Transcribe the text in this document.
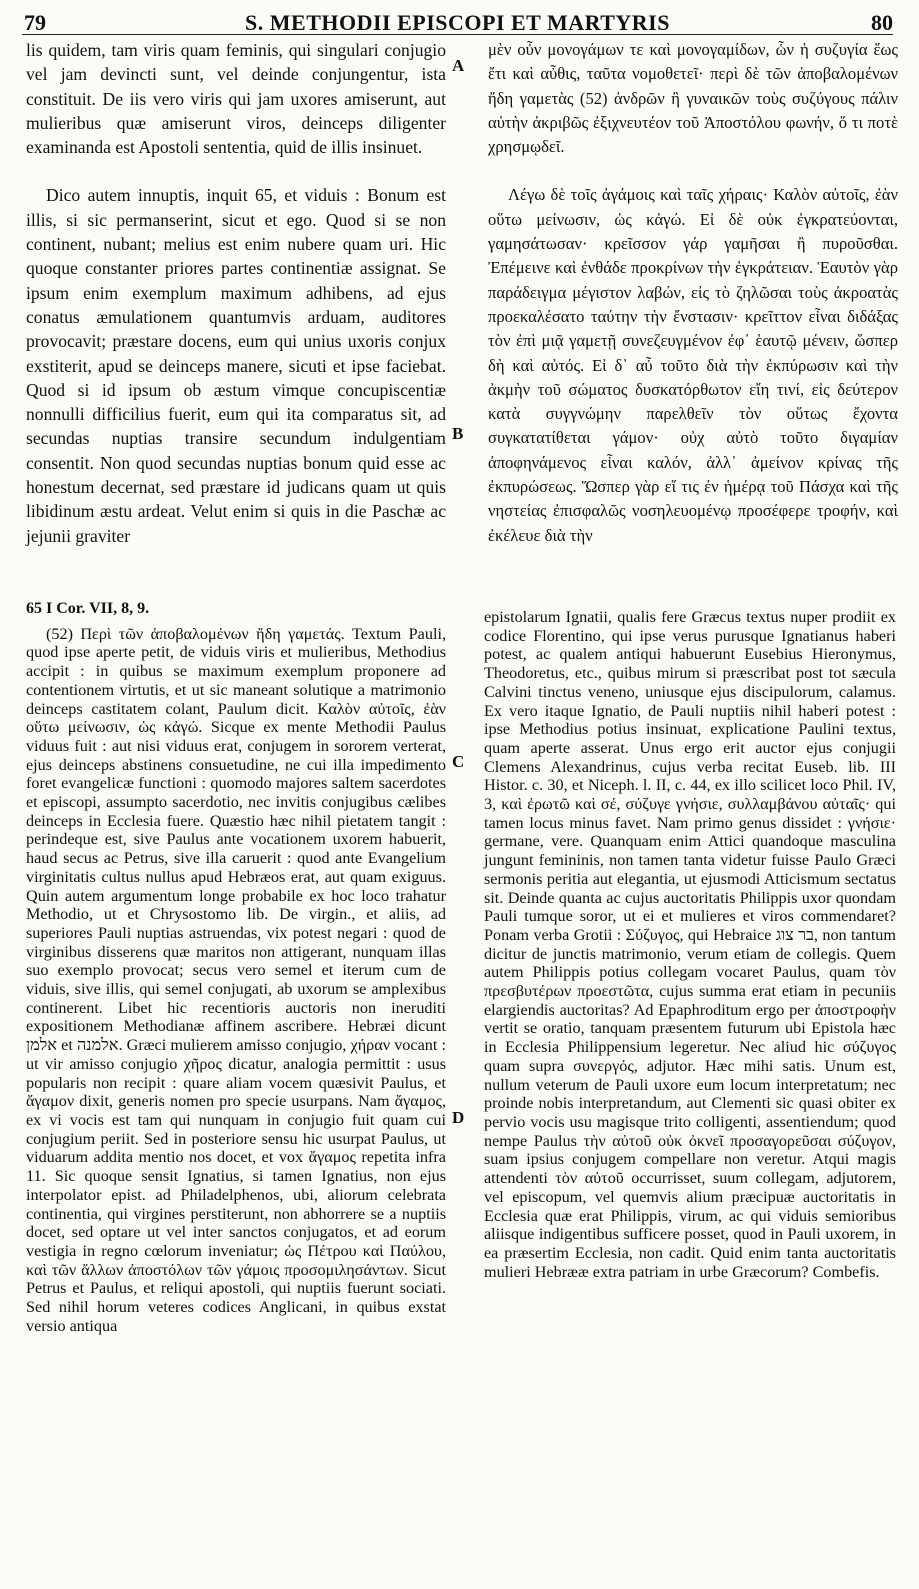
79	S. METHODII EPISCOPI ET MARTYRIS	80

lis quidem, tam viris quam feminis, qui singulari conjugio vel jam devincti sunt, vel deinde conjungentur, ista constituit. De iis vero viris qui jam uxores amiserunt, aut mulieribus quæ amiserunt viros, deinceps diligenter examinanda est Apostoli sententia, quid de illis insinuet.

Dico autem innuptis, inquit 65, et viduis : Bonum est illis, si sic permanserint, sicut et ego. Quod si se non continent, nubant; melius est enim nubere quam uri. Hic quoque constanter priores partes continentiæ assignat. Se ipsum enim exemplum maximum adhibens, ad ejus conatus æmulationem quantumvis arduam, auditores provocavit; præstare docens, eum qui unius uxoris conjux exstiterit, apud se deinceps manere, sicuti et ipse faciebat. Quod si id ipsum ob æstum vimque concupiscentiæ nonnulli difficilius fuerit, eum qui ita comparatus sit, ad secundas nuptias transire secundum indulgentiam consentit. Non quod secundas nuptias bonum quid esse ac honestum decernat, sed præstare id judicans quam ut quis libidinum æstu ardeat. Velut enim si quis in die Paschæ ac jejunii graviter

A
B
C
D

μὲν οὖν μονογάμων τε καὶ μονογαμίδων, ὧν ἡ συζυγία ἕως ἔτι καὶ αὖθις, ταῦτα νομοθετεῖ· περὶ δὲ τῶν ἀποβαλομένων ἤδη γαμετὰς (52) ἀνδρῶν ἢ γυναικῶν τοὺς συζύγους πάλιν αὐτὴν ἀκριβῶς ἐξιχνευτέον τοῦ Ἀποστόλου φωνήν, ὅ τι ποτὲ χρησμῳδεῖ.

Λέγω δὲ τοῖς ἀγάμοις καὶ ταῖς χήραις· Καλὸν αὐτοῖς, ἐὰν οὕτω μείνωσιν, ὡς κἀγώ. Εἰ δὲ οὐκ ἐγκρατεύονται, γαμησάτωσαν· κρεῖσσον γάρ γαμῆσαι ἢ πυροῦσθαι. Ἐπέμεινε καὶ ἐνθάδε προκρίνων τὴν ἐγκράτειαν. Ἑαυτὸν γὰρ παράδειγμα μέγιστον λαβών, εἰς τὸ ζηλῶσαι τοὺς ἀκροατὰς προεκαλέσατο ταύτην τὴν ἔνστασιν· κρεῖττον εἶναι διδάξας τὸν ἐπὶ μιᾷ γαμετῇ συνεζευγμένον ἐφ᾽ ἑαυτῷ μένειν, ὥσπερ δὴ καὶ αὐτός. Εἰ δ᾽ αὖ τοῦτο διὰ τὴν ἐκπύρωσιν καὶ τὴν ἀκμὴν τοῦ σώματος δυσκατόρθωτον εἴη τινί, εἰς δεύτερον κατὰ συγγνώμην παρελθεῖν τὸν οὕτως ἔχοντα συγκατατίθεται γάμον· οὐχ αὐτὸ τοῦτο διγαμίαν ἀποφηνάμενος εἶναι καλόν, ἀλλ᾽ ἀμείνον κρίνας τῆς ἐκπυρώσεως. Ὥσπερ γὰρ εἴ τις ἐν ἡμέρᾳ τοῦ Πάσχα καὶ τῆς νηστείας ἐπισφαλῶς νοσηλευομένῳ προσέφερε τροφήν, καὶ ἐκέλευε διὰ τὴν

65 I Cor. VII, 8, 9.

(52) Περὶ τῶν ἀποβαλομένων ἤδη γαμετάς. Textum Pauli, quod ipse aperte petit, de viduis viris et mulieribus, Methodius accipit : in quibus se maximum exemplum proponere ad contentionem virtutis, et ut sic maneant solutique a matrimonio deinceps castitatem colant, Paulum dicit. Καλὸν αὐτοῖς, ἐὰν οὕτω μείνωσιν, ὡς κἀγώ. Sicque ex mente Methodii Paulus viduus fuit : aut nisi viduus erat, conjugem in sororem verterat, ejus deinceps abstinens consuetudine, ne cui illa impedimento foret evangelicæ functioni : quomodo majores saltem sacerdotes et episcopi, assumpto sacerdotio, nec invitis conjugibus cælibes deinceps in Ecclesia fuere. Quæstio hæc nihil pietatem tangit : perindeque est, sive Paulus ante vocationem uxorem habuerit, haud secus ac Petrus, sive illa caruerit : quod ante Evangelium virginitatis cultus nullus apud Hebræos erat, aut quam exiguus. Quin autem argumentum longe probabile ex hoc loco trahatur Methodio, ut et Chrysostomo lib. De virgin., et aliis, ad superiores Pauli nuptias astruendas, vix potest negari : quod de virginibus disserens quæ maritos non attigerant, nunquam illas suo exemplo provocat; secus vero semel et iterum cum de viduis, sive illis, qui semel conjugati, ab uxorum se amplexibus continerent. Libet hic recentioris auctoris non ineruditi expositionem Methodianæ affinem ascribere. Hebræi dicunt אלמן et אלמנה. Græci mulierem amisso conjugio, χήραν vocant : ut vir amisso conjugio χῆρος dicatur, analogia permittit : usus popularis non recipit : quare aliam vocem quæsivit Paulus, et ἄγαμον dixit, generis nomen pro specie usurpans. Nam ἄγαμος, ex vi vocis est tam qui nunquam in conjugio fuit quam cui conjugium periit. Sed in posteriore sensu hic usurpat Paulus, ut viduarum addita mentio nos docet, et vox ἄγαμος repetita infra 11. Sic quoque sensit Ignatius, si tamen Ignatius, non ejus interpolator epist. ad Philadelphenos, ubi, aliorum celebrata continentia, qui virgines perstiterunt, non abhorrere se a nuptiis docet, sed optare ut vel inter sanctos conjugatos, et ad eorum vestigia in regno cœlorum inveniatur; ὡς Πέτρου καὶ Παύλου, καὶ τῶν ἄλλων ἀποστόλων τῶν γάμοις προσομιλησάντων. Sicut Petrus et Paulus, et reliqui apostoli, qui nuptiis fuerunt sociati. Sed nihil horum veteres codices Anglicani, in quibus exstat versio antiqua

epistolarum Ignatii, qualis fere Græcus textus nuper prodiit ex codice Florentino, qui ipse verus purusque Ignatianus haberi potest, ac qualem antiqui habuerunt Eusebius Hieronymus, Theodoretus, etc., quibus mirum si præscribat post tot sæcula Calvini tinctus veneno, uniusque ejus discipulorum, calamus. Ex vero itaque Ignatio, de Pauli nuptiis nihil haberi potest : ipse Methodius potius insinuat, explicatione Paulini textus, quam aperte asserat. Unus ergo erit auctor ejus conjugii Clemens Alexandrinus, cujus verba recitat Euseb. lib. III Histor. c. 30, et Niceph. l. II, c. 44, ex illo scilicet loco Phil. IV, 3, καὶ ἐρωτῶ καὶ σέ, σύζυγε γνήσιε, συλλαμβάνου αὐταῖς· qui tamen locus minus favet. Nam primo genus dissidet : γνήσιε· germane, vere. Quanquam enim Attici quandoque masculina jungunt femininis, non tamen tanta videtur fuisse Paulo Græci sermonis peritia aut elegantia, ut ejusmodi Atticismum sectatus sit. Deinde quanta ac cujus auctoritatis Philippis uxor quondam Pauli tumque soror, ut ei et mulieres et viros commendaret? Ponam verba Grotii : Σύζυγος, qui Hebraice בר צוג, non tantum dicitur de junctis matrimonio, verum etiam de collegis. Quem autem Philippis potius collegam vocaret Paulus, quam τὸν πρεσβυτέρων προεστῶτα, cujus summa erat etiam in pecuniis elargiendis auctoritas? Ad Epaphroditum ergo per ἀποστροφὴν vertit se oratio, tanquam præsentem futurum ubi Epistola hæc in Ecclesia Philippensium legeretur. Nec aliud hic σύζυγος quam supra συνεργός, adjutor. Hæc mihi satis. Unum est, nullum veterum de Pauli uxore eum locum interpretatum; nec proinde nobis interpretandum, aut Clementi sic quasi obiter ex pervio vocis usu magisque trito colligenti, assentiendum; quod nempe Paulus τὴν αὐτοῦ οὐκ ὀκνεῖ προσαγορεῦσαι σύζυγον, suam ipsius conjugem compellare non veretur. Atqui magis attendenti τὸν αὐτοῦ occurrisset, suum collegam, adjutorem, vel episcopum, vel quemvis alium præcipuæ auctoritatis in Ecclesia quæ erat Philippis, virum, ac qui viduis semioribus aliisque indigentibus sufficere posset, quod in Pauli uxorem, in ea præsertim Ecclesia, non cadit. Quid enim tanta auctoritatis mulieri Hebrææ extra patriam in urbe Græcorum? Combefis.
